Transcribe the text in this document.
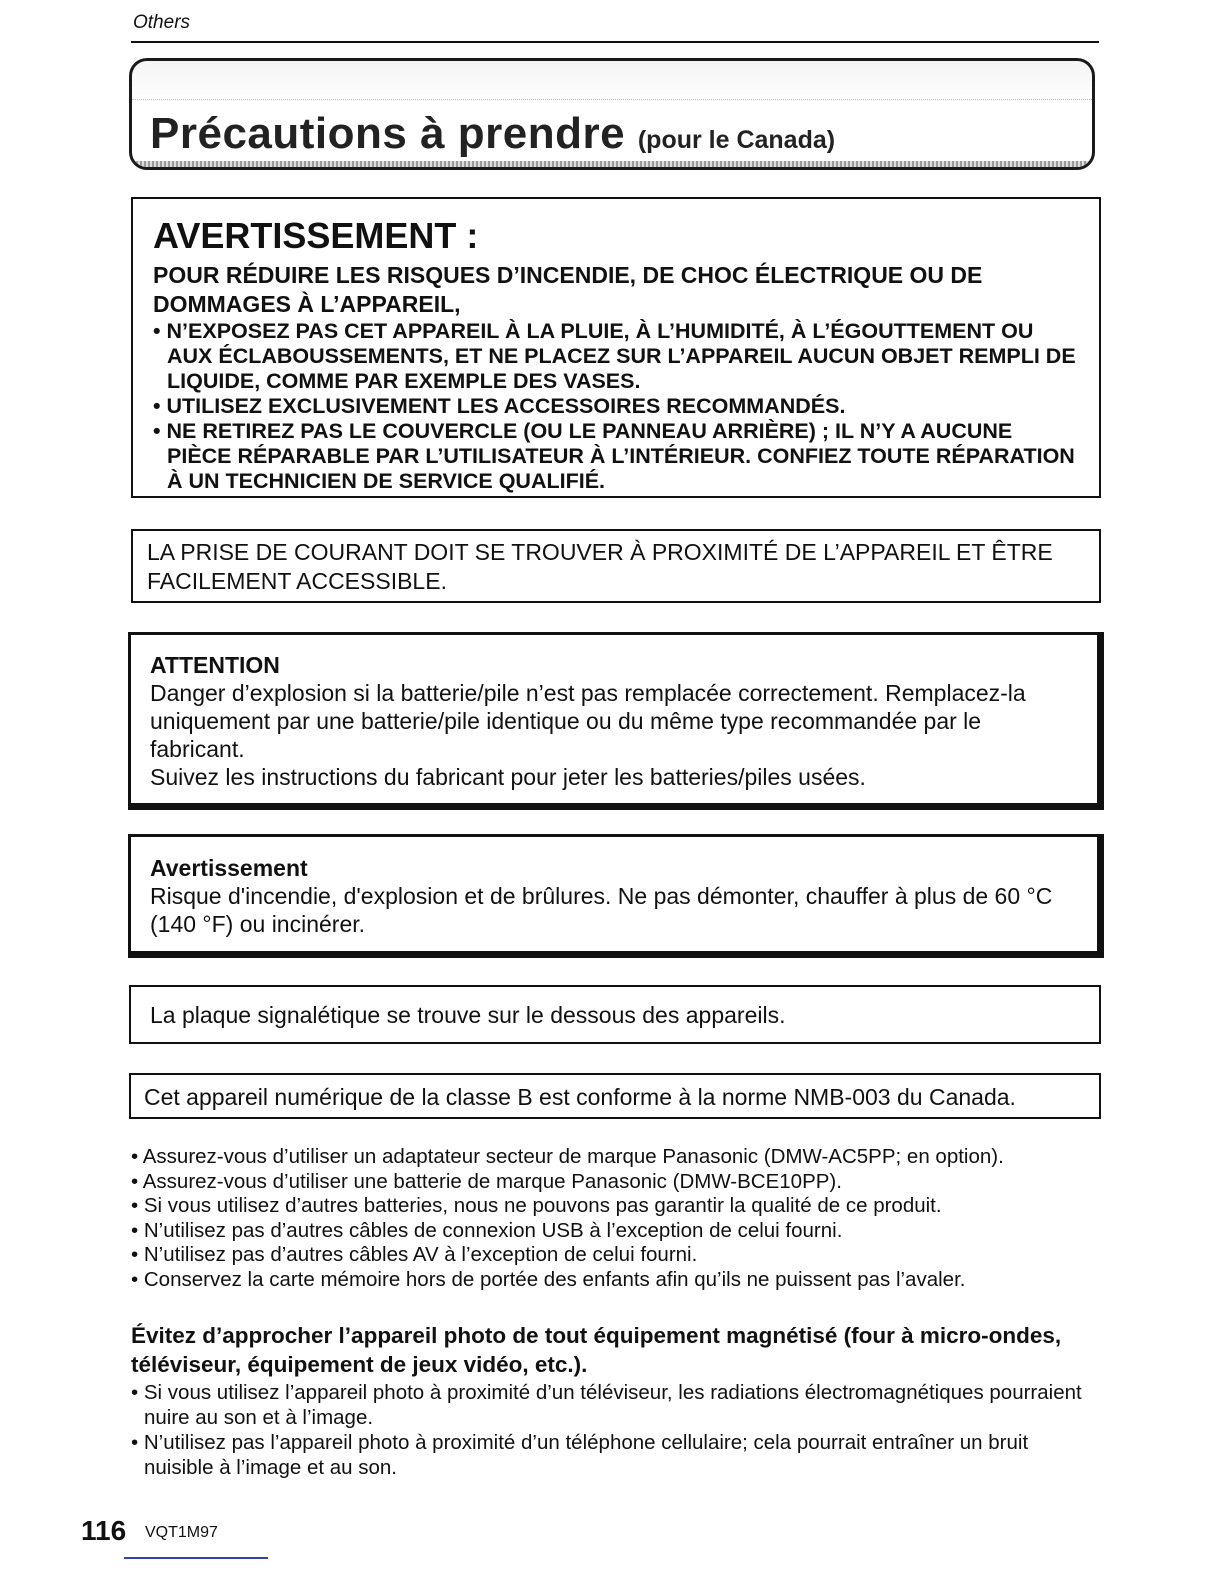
Others
Précautions à prendre (pour le Canada)
AVERTISSEMENT :

POUR RÉDUIRE LES RISQUES D’INCENDIE, DE CHOC ÉLECTRIQUE OU DE DOMMAGES À L’APPAREIL,

• N’EXPOSEZ PAS CET APPAREIL À LA PLUIE, À L’HUMIDITÉ, À L’ÉGOUTTEMENT OU AUX ÉCLABOUSSEMENTS, ET NE PLACEZ SUR L’APPAREIL AUCUN OBJET REMPLI DE LIQUIDE, COMME PAR EXEMPLE DES VASES.
• UTILISEZ EXCLUSIVEMENT LES ACCESSOIRES RECOMMANDÉS.
• NE RETIREZ PAS LE COUVERCLE (OU LE PANNEAU ARRIÈRE) ; IL N’Y A AUCUNE PIÈCE RÉPARABLE PAR L’UTILISATEUR À L’INTÉRIEUR. CONFIEZ TOUTE RÉPARATION À UN TECHNICIEN DE SERVICE QUALIFIÉ.
LA PRISE DE COURANT DOIT SE TROUVER À PROXIMITÉ DE L’APPAREIL ET ÊTRE FACILEMENT ACCESSIBLE.
ATTENTION

Danger d’explosion si la batterie/pile n’est pas remplacée correctement. Remplacez-la uniquement par une batterie/pile identique ou du même type recommandée par le fabricant.

Suivez les instructions du fabricant pour jeter les batteries/piles usées.

Avertissement

Risque d'incendie, d'explosion et de brûlures. Ne pas démonter, chauffer à plus de 60 °C (140 °F) ou incinérer.

La plaque signalétique se trouve sur le dessous des appareils.
Cet appareil numérique de la classe B est conforme à la norme NMB-003 du Canada.
• Assurez-vous d’utiliser un adaptateur secteur de marque Panasonic (DMW-AC5PP; en option).
• Assurez-vous d’utiliser une batterie de marque Panasonic (DMW-BCE10PP).
• Si vous utilisez d’autres batteries, nous ne pouvons pas garantir la qualité de ce produit.
• N’utilisez pas d’autres câbles de connexion USB à l’exception de celui fourni.
• N’utilisez pas d’autres câbles AV à l’exception de celui fourni.
• Conservez la carte mémoire hors de portée des enfants afin qu’ils ne puissent pas l’avaler.
Évitez d’approcher l’appareil photo de tout équipement magnétisé (four à micro-ondes, téléviseur, équipement de jeux vidéo, etc.).
• Si vous utilisez l’appareil photo à proximité d’un téléviseur, les radiations électromagnétiques pourraient nuire au son et à l’image.
• N’utilisez pas l’appareil photo à proximité d’un téléphone cellulaire; cela pourrait entraîner un bruit nuisible à l’image et au son.
116 VQT1M97
